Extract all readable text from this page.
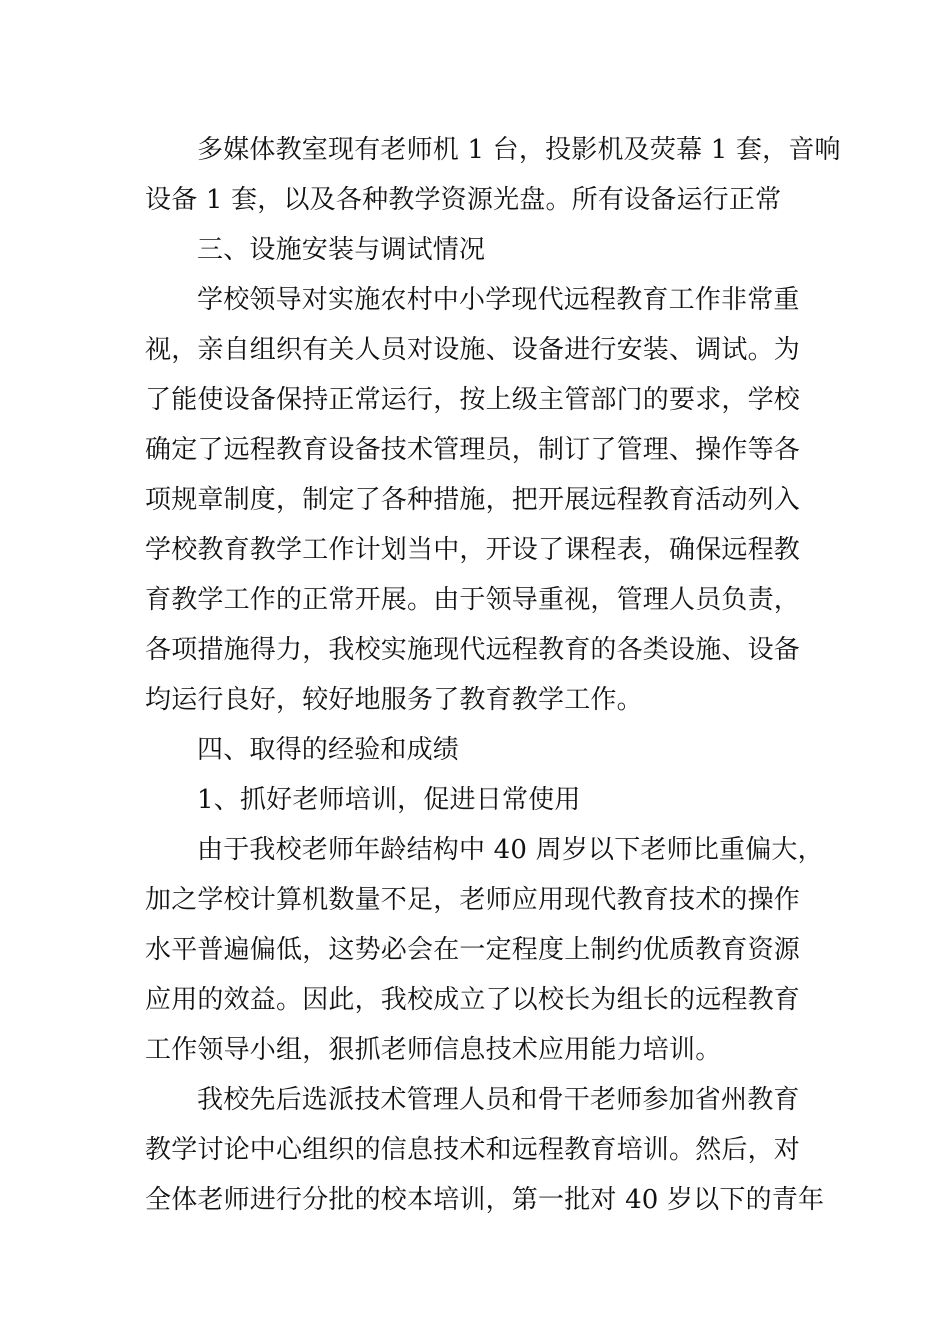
多媒体教室现有老师机 1 台，投影机及荧幕 1 套，音响
设备 1 套，以及各种教学资源光盘。所有设备运行正常
三、设施安装与调试情况
学校领导对实施农村中小学现代远程教育工作非常重
视，亲自组织有关人员对设施、设备进行安装、调试。为
了能使设备保持正常运行，按上级主管部门的要求，学校
确定了远程教育设备技术管理员，制订了管理、操作等各
项规章制度，制定了各种措施，把开展远程教育活动列入
学校教育教学工作计划当中，开设了课程表，确保远程教
育教学工作的正常开展。由于领导重视，管理人员负责，
各项措施得力，我校实施现代远程教育的各类设施、设备
均运行良好，较好地服务了教育教学工作。
四、取得的经验和成绩
1、抓好老师培训，促进日常使用
由于我校老师年龄结构中 40 周岁以下老师比重偏大，
加之学校计算机数量不足，老师应用现代教育技术的操作
水平普遍偏低，这势必会在一定程度上制约优质教育资源
应用的效益。因此，我校成立了以校长为组长的远程教育
工作领导小组，狠抓老师信息技术应用能力培训。
我校先后选派技术管理人员和骨干老师参加省州教育
教学讨论中心组织的信息技术和远程教育培训。然后，对
全体老师进行分批的校本培训，第一批对 40 岁以下的青年
